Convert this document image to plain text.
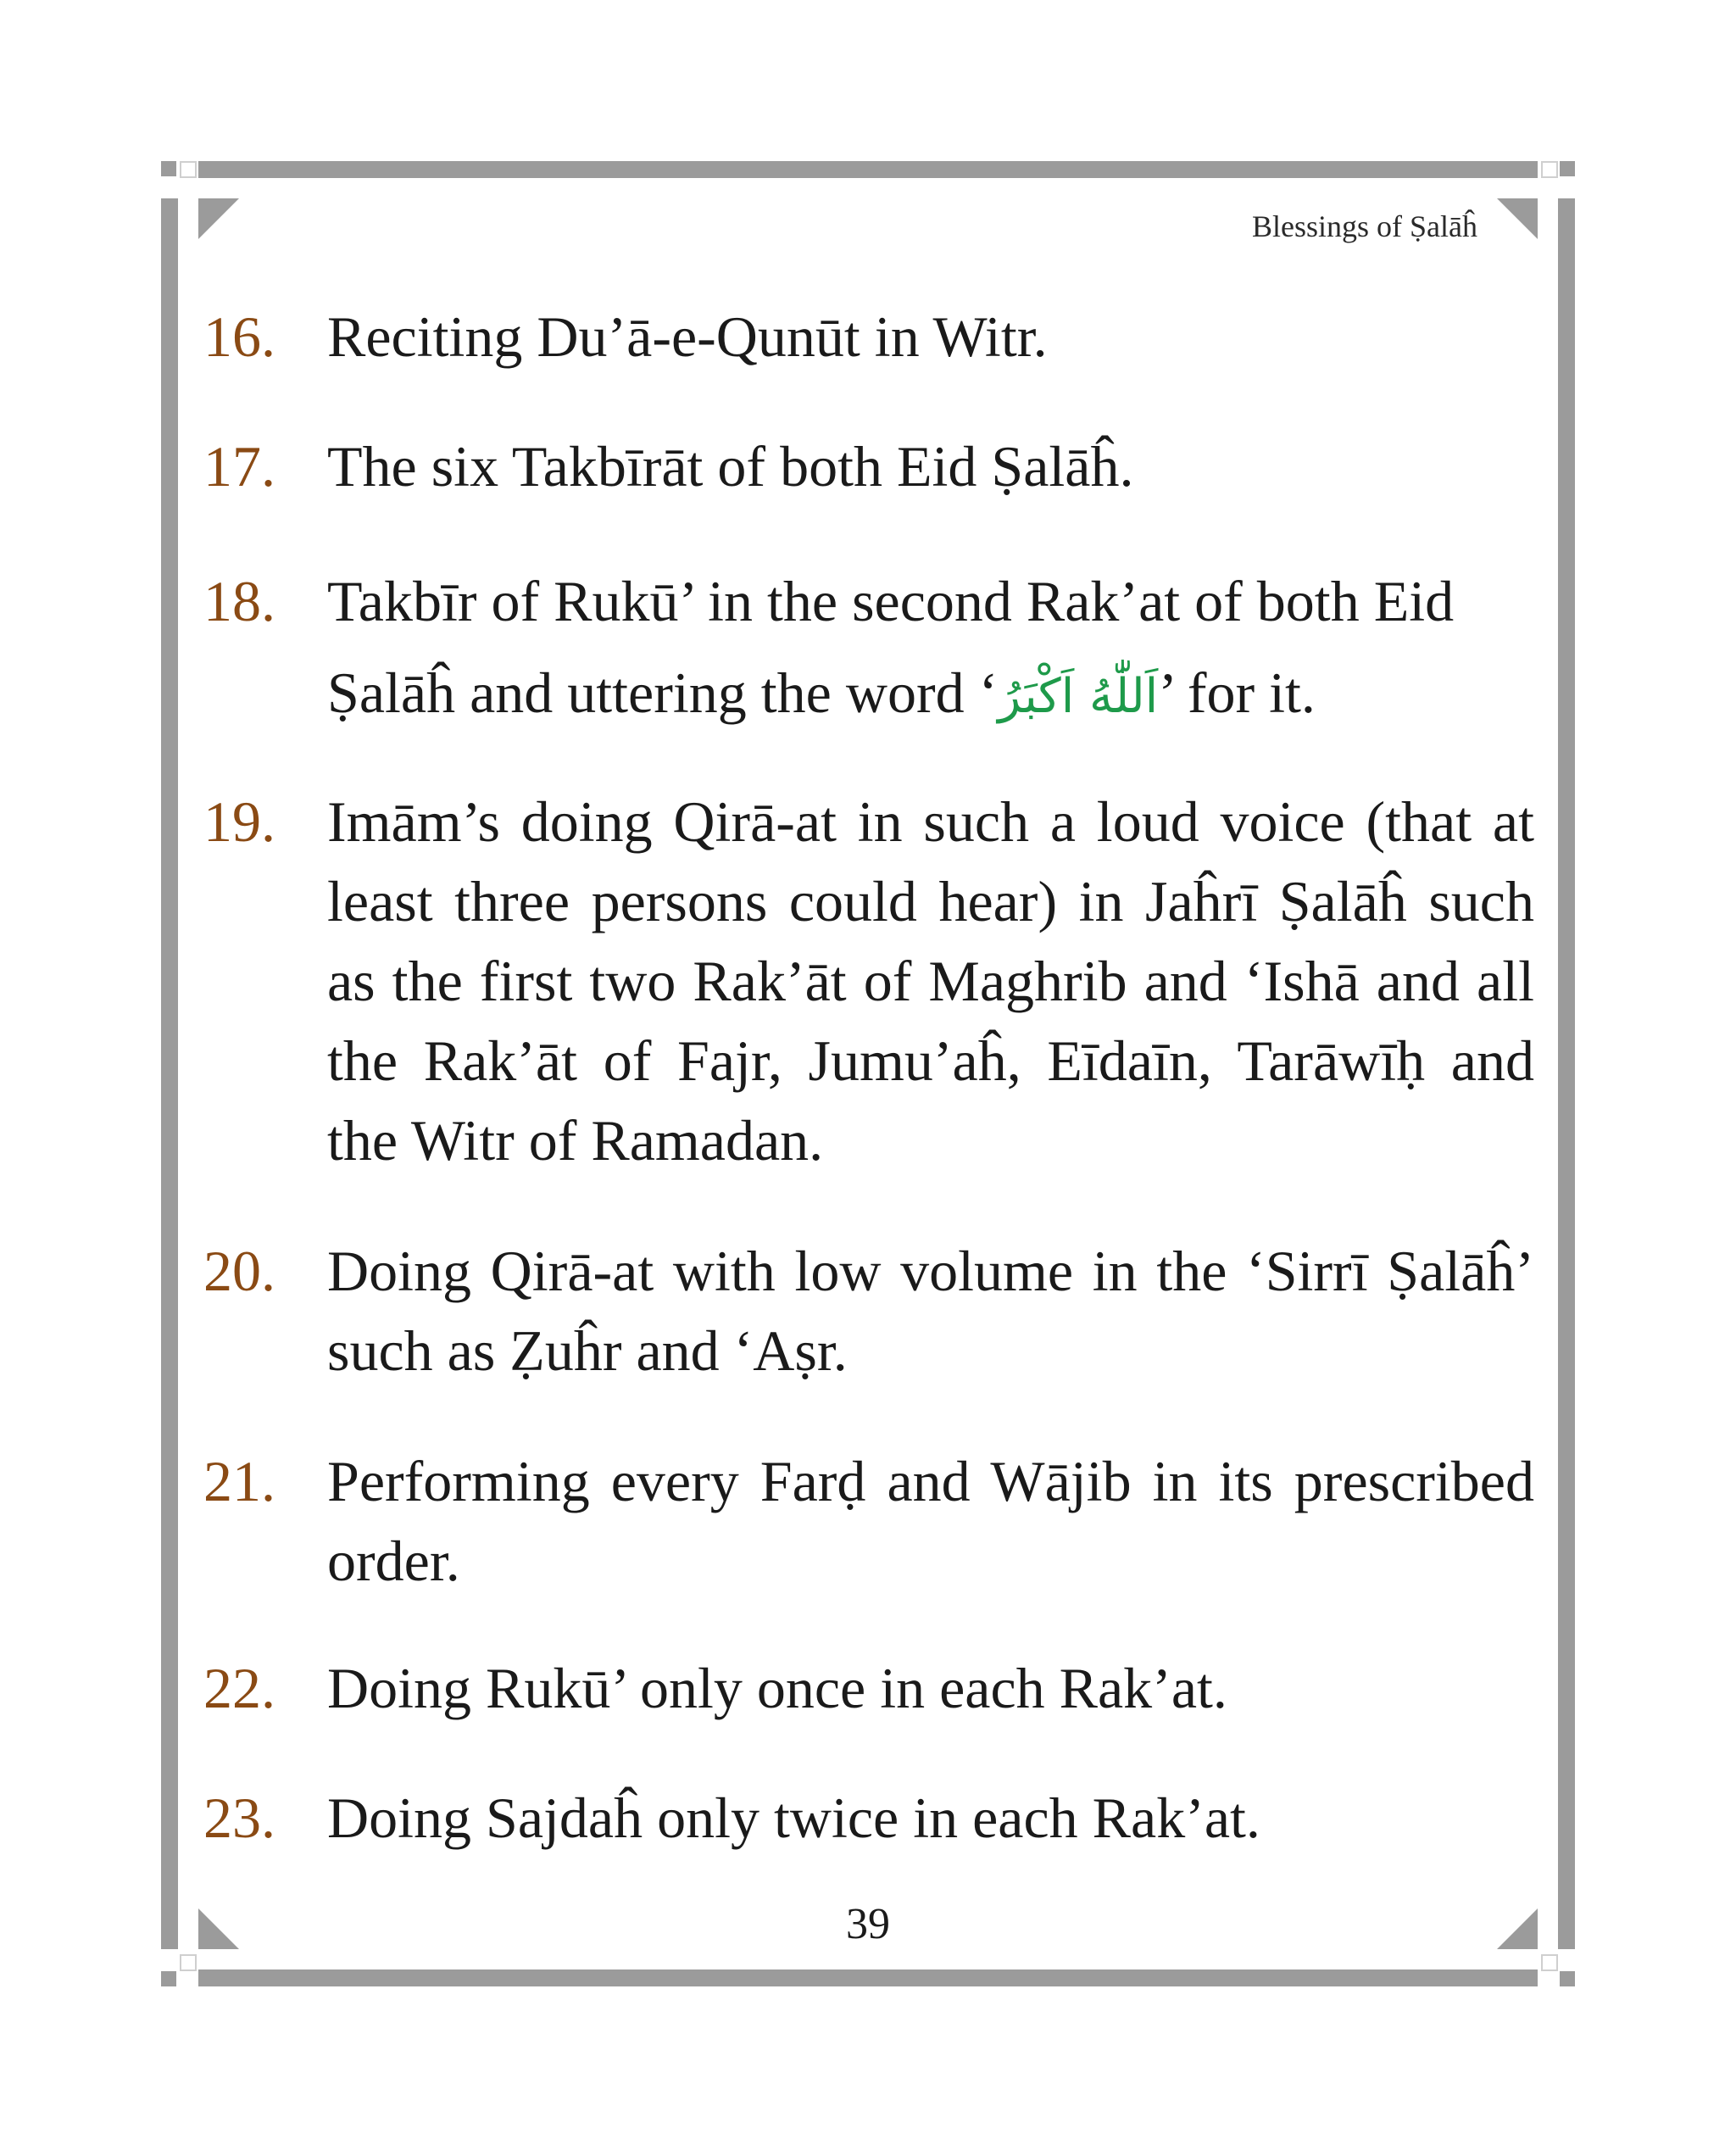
Blessings of Ṣalāĥ
16. Reciting Du’ā-e-Qunūt in Witr.
17. The six Takbīrāt of both Eid Ṣalāĥ.
18. Takbīr of Rukū’ in the second Rak’at of both Eid
Ṣalāĥ and uttering the word ‘اَللّٰهُ اَكْبَرُ’ for it.
19. Imām’s doing Qirā-at in such a loud voice (that at least three persons could hear) in Jaĥrī Ṣalāĥ such as the first two Rak’āt of Maghrib and ‘Ishā and all the Rak’āt of Fajr, Jumu’aĥ, Eīdaīn, Tarāwīḥ and the Witr of Ramadan.
20. Doing Qirā-at with low volume in the ‘Sirrī Ṣalāĥ’ such as Ẓuĥr and ‘Aṣr.
21. Performing every Farḍ and Wājib in its prescribed order.
22. Doing Rukū’ only once in each Rak’at.
23. Doing Sajdaĥ only twice in each Rak’at.
39
